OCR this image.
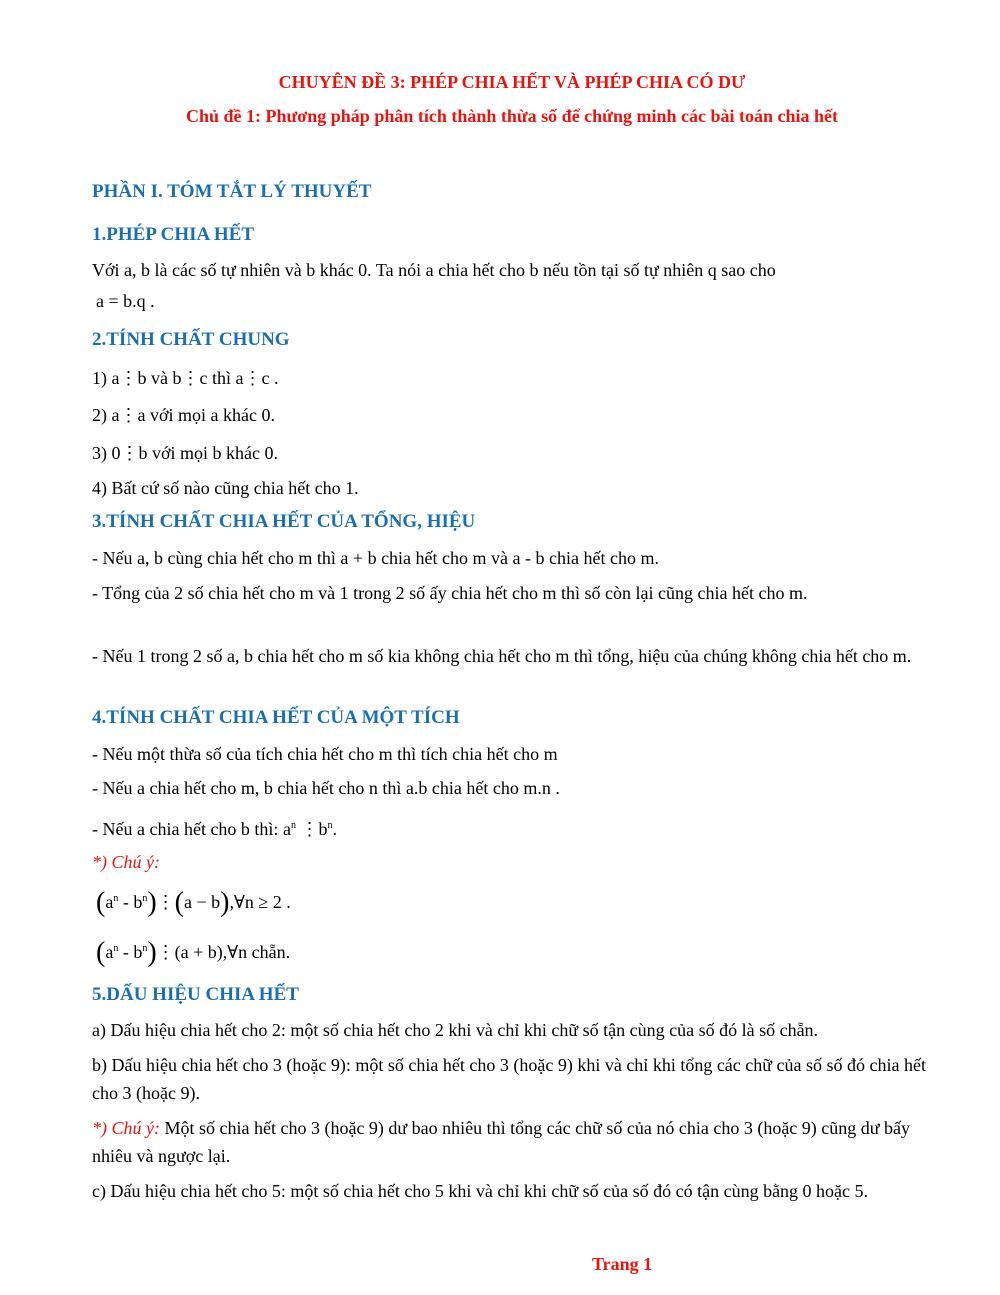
CHUYÊN ĐỀ 3: PHÉP CHIA HẾT VÀ PHÉP CHIA CÓ DƯ
Chủ đề 1: Phương pháp phân tích thành thừa số để chứng minh các bài toán chia hết
PHẦN I. TÓM TẮT LÝ THUYẾT
1.PHÉP CHIA HẾT
Với a, b là các số tự nhiên và b khác 0. Ta nói a chia hết cho b nếu tồn tại số tự nhiên q sao cho
a = b.q .
2.TÍNH CHẤT CHUNG
1) a⋮b và b⋮c thì a⋮c .
2) a⋮a với mọi a khác 0.
3) 0⋮b với mọi b khác 0.
4) Bất cứ số nào cũng chia hết cho 1.
3.TÍNH CHẤT CHIA HẾT CỦA TỔNG, HIỆU
- Nếu a, b cùng chia hết cho m thì a + b chia hết cho m và a - b chia hết cho m.
- Tổng của 2 số chia hết cho m và 1 trong 2 số ấy chia hết cho m thì số còn lại cũng chia hết cho m.
- Nếu 1 trong 2 số a, b chia hết cho m số kia không chia hết cho m thì tổng, hiệu của chúng không chia hết cho m.
4.TÍNH CHẤT CHIA HẾT CỦA MỘT TÍCH
- Nếu một thừa số của tích chia hết cho m thì tích chia hết cho m
- Nếu a chia hết cho m, b chia hết cho n thì a.b chia hết cho m.n .
- Nếu a chia hết cho b thì: $a^n$ $⋮b^n$.
*) Chú ý:
($a^n$ - $b^n)⋮(a$ − b),∀n ≥ 2 .
($a^n$ - $b^n)⋮(a$ + b),∀n chẵn.
5.DẤU HIỆU CHIA HẾT
a) Dấu hiệu chia hết cho 2: một số chia hết cho 2 khi và chỉ khi chữ số tận cùng của số đó là số chẵn.
b) Dấu hiệu chia hết cho 3 (hoặc 9): một số chia hết cho 3 (hoặc 9) khi và chỉ khi tổng các chữ của số số đó chia hết cho 3 (hoặc 9).
*) Chú ý: Một số chia hết cho 3 (hoặc 9) dư bao nhiêu thì tổng các chữ số của nó chia cho 3 (hoặc 9) cũng dư bấy nhiêu và ngược lại.
c) Dấu hiệu chia hết cho 5: một số chia hết cho 5 khi và chỉ khi chữ số của số đó có tận cùng bằng 0 hoặc 5.
Trang 1
